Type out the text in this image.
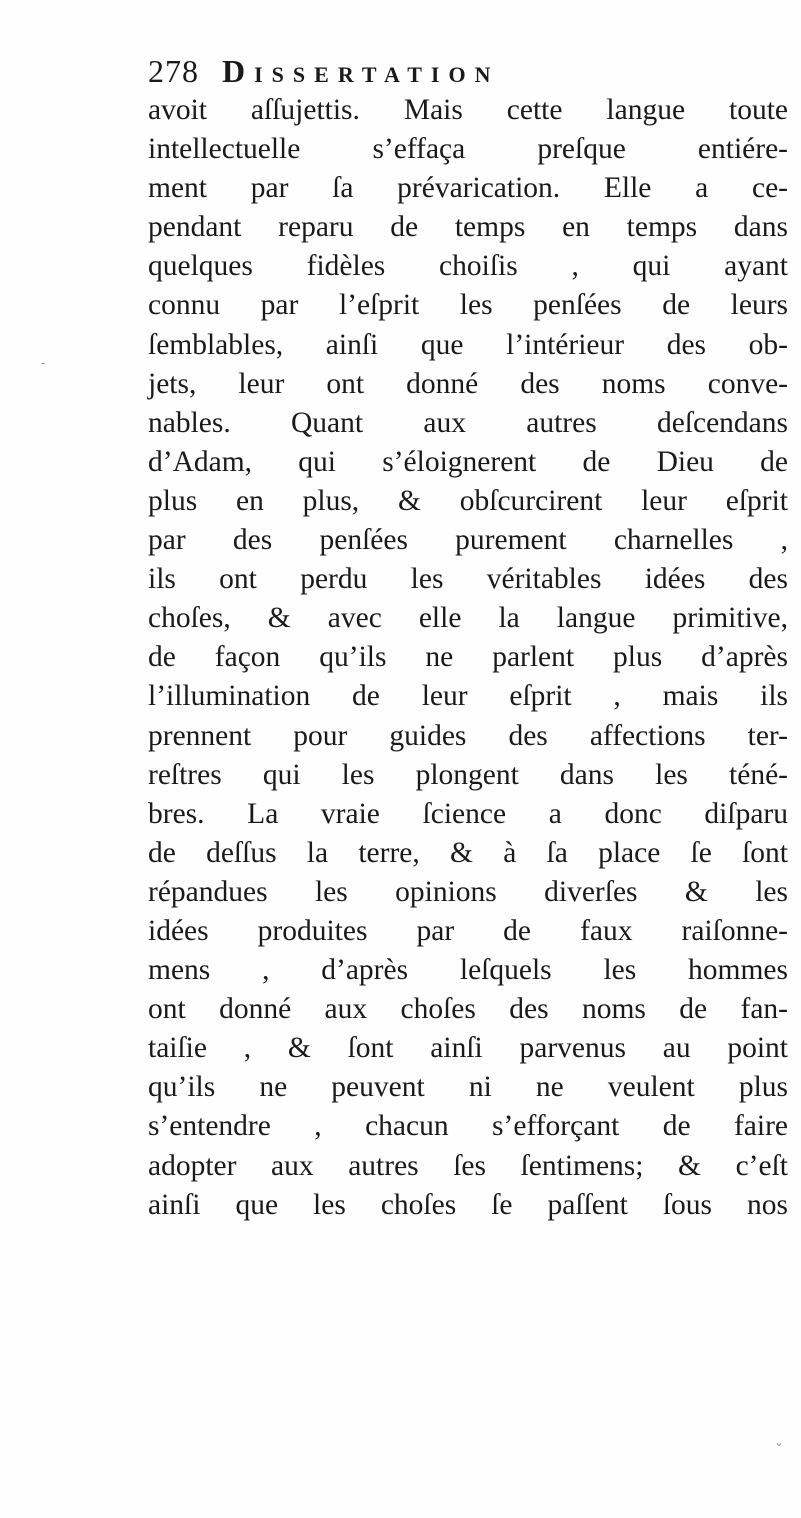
278 Dissertation
avoit aſſujettis. Mais cette langue toute
intellectuelle s’effaça preſque entiére-
ment par ſa prévarication. Elle a ce-
pendant reparu de temps en temps dans
quelques fidèles choiſis , qui ayant
connu par l’eſprit les penſées de leurs
ſemblables, ainſi que l’intérieur des ob-
jets, leur ont donné des noms conve-
nables. Quant aux autres deſcendans
d’Adam, qui s’éloignerent de Dieu de
plus en plus, & obſcurcirent leur eſprit
par des penſées purement charnelles ,
ils ont perdu les véritables idées des
choſes, & avec elle la langue primitive,
de façon qu’ils ne parlent plus d’après
l’illumination de leur eſprit , mais ils
prennent pour guides des affections ter-
reſtres qui les plongent dans les téné-
bres. La vraie ſcience a donc diſparu
de deſſus la terre, & à ſa place ſe ſont
répandues les opinions diverſes & les
idées produites par de faux raiſonne-
mens , d’après leſquels les hommes
ont donné aux choſes des noms de fan-
taiſie , & ſont ainſi parvenus au point
qu’ils ne peuvent ni ne veulent plus
s’entendre , chacun s’efforçant de faire
adopter aux autres ſes ſentimens; & c’eſt
ainſi que les choſes ſe paſſent ſous nos
-
⌄
